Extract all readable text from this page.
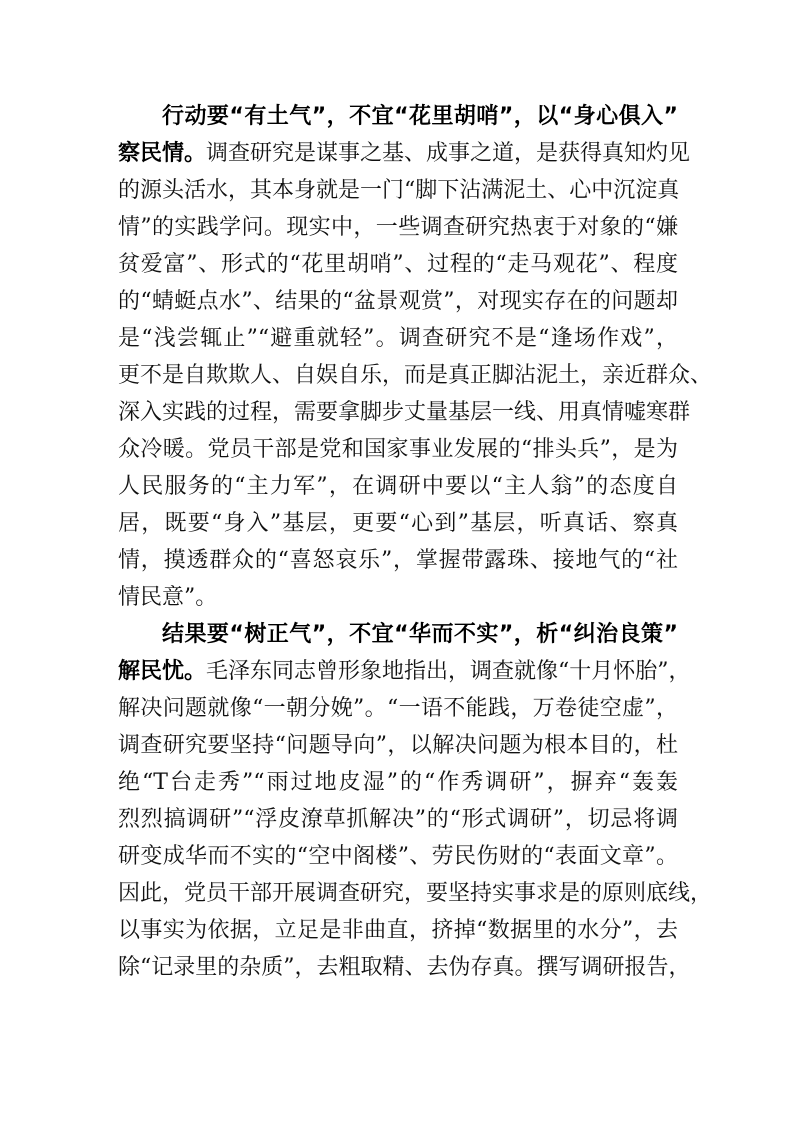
行动要“有土气”，不宜“花里胡哨”，以“身心俱入”
察民情。调查研究是谋事之基、成事之道，是获得真知灼见
的源头活水，其本身就是一门“脚下沾满泥土、心中沉淀真
情”的实践学问。现实中，一些调查研究热衷于对象的“嫌
贫爱富”、形式的“花里胡哨”、过程的“走马观花”、程度
的“蜻蜓点水”、结果的“盆景观赏”，对现实存在的问题却
是“浅尝辄止”“避重就轻”。调查研究不是“逢场作戏”，
更不是自欺欺人、自娱自乐，而是真正脚沾泥土，亲近群众、
深入实践的过程，需要拿脚步丈量基层一线、用真情嘘寒群
众冷暖。党员干部是党和国家事业发展的“排头兵”，是为
人民服务的“主力军”，在调研中要以“主人翁”的态度自
居，既要“身入”基层，更要“心到”基层，听真话、察真
情，摸透群众的“喜怒哀乐”，掌握带露珠、接地气的“社
情民意”。
结果要“树正气”，不宜“华而不实”，析“纠治良策”
解民忧。毛泽东同志曾形象地指出，调查就像“十月怀胎”，
解决问题就像“一朝分娩”。“一语不能践，万卷徒空虚”，
调查研究要坚持“问题导向”，以解决问题为根本目的，杜
绝“T台走秀”“雨过地皮湿”的“作秀调研”，摒弃“轰轰
烈烈搞调研”“浮皮潦草抓解决”的“形式调研”，切忌将调
研变成华而不实的“空中阁楼”、劳民伤财的“表面文章”。
因此，党员干部开展调查研究，要坚持实事求是的原则底线，
以事实为依据，立足是非曲直，挤掉“数据里的水分”，去
除“记录里的杂质”，去粗取精、去伪存真。撰写调研报告，
